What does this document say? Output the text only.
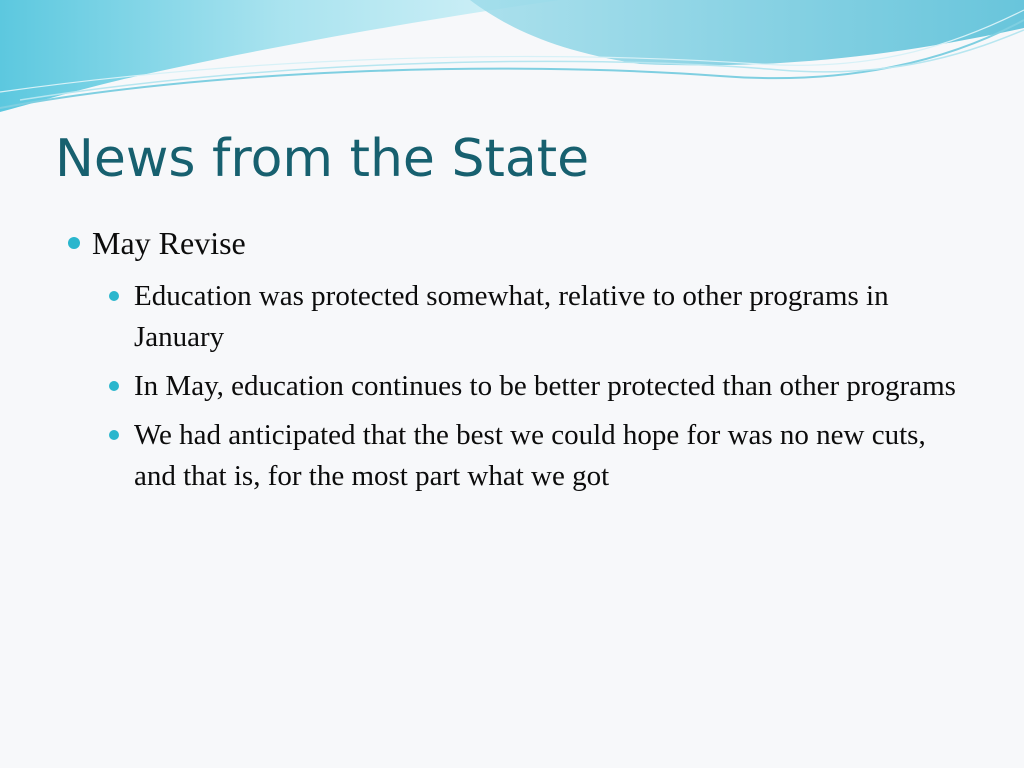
News from the State
May Revise
Education was protected somewhat, relative to other programs in January
In May, education continues to be better protected than other programs
We had anticipated that the best we could hope for was no new cuts, and that is, for the most part what we got
